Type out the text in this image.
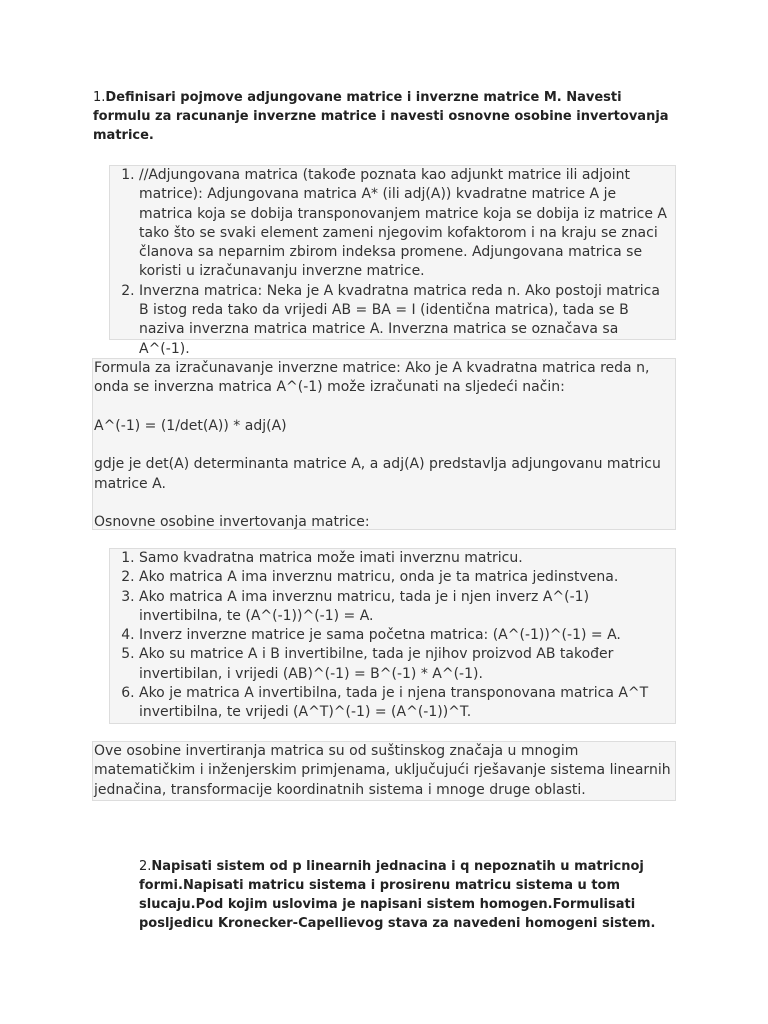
1.Definisari pojmove adjungovane matrice i inverzne matrice M. Navesti formulu za racunanje inverzne matrice i navesti osnovne osobine invertovanja matrice.

1. //Adjungovana matrica (takođe poznata kao adjunkt matrice ili adjoint matrice): Adjungovana matrica A* (ili adj(A)) kvadratne matrice A je matrica koja se dobija transponovanjem matrice koja se dobija iz matrice A tako što se svaki element zameni njegovim kofaktorom i na kraju se znaci članova sa neparnim zbirom indeksa promene. Adjungovana matrica se koristi u izračunavanju inverzne matrice.
2. Inverzna matrica: Neka je A kvadratna matrica reda n. Ako postoji matrica B istog reda tako da vrijedi AB = BA = I (identična matrica), tada se B naziva inverzna matrica matrice A. Inverzna matrica se označava sa A^(-1).

Formula za izračunavanje inverzne matrice: Ako je A kvadratna matrica reda n, onda se inverzna matrica A^(-1) može izračunati na sljedeći način:

A^(-1) = (1/det(A)) * adj(A)

gdje je det(A) determinanta matrice A, a adj(A) predstavlja adjungovanu matricu matrice A.

Osnovne osobine invertovanja matrice:

1. Samo kvadratna matrica može imati inverznu matricu.
2. Ako matrica A ima inverznu matricu, onda je ta matrica jedinstvena.
3. Ako matrica A ima inverznu matricu, tada je i njen inverz A^(-1) invertibilna, te (A^(-1))^(-1) = A.
4. Inverz inverzne matrice je sama početna matrica: (A^(-1))^(-1) = A.
5. Ako su matrice A i B invertibilne, tada je njihov proizvod AB također invertibilan, i vrijedi (AB)^(-1) = B^(-1) * A^(-1).
6. Ako je matrica A invertibilna, tada je i njena transponovana matrica A^T invertibilna, te vrijedi (A^T)^(-1) = (A^(-1))^T.

Ove osobine invertiranja matrica su od suštinskog značaja u mnogim matematičkim i inženjerskim primjenama, uključujući rješavanje sistema linearnih jednačina, transformacije koordinatnih sistema i mnoge druge oblasti.

2.Napisati sistem od p linearnih jednacina i q nepoznatih u matricnoj formi.Napisati matricu sistema i prosirenu matricu sistema u tom slucaju.Pod kojim uslovima je napisani sistem homogen.Formulisati posljedicu Kronecker-Capellievog stava za navedeni homogeni sistem.
